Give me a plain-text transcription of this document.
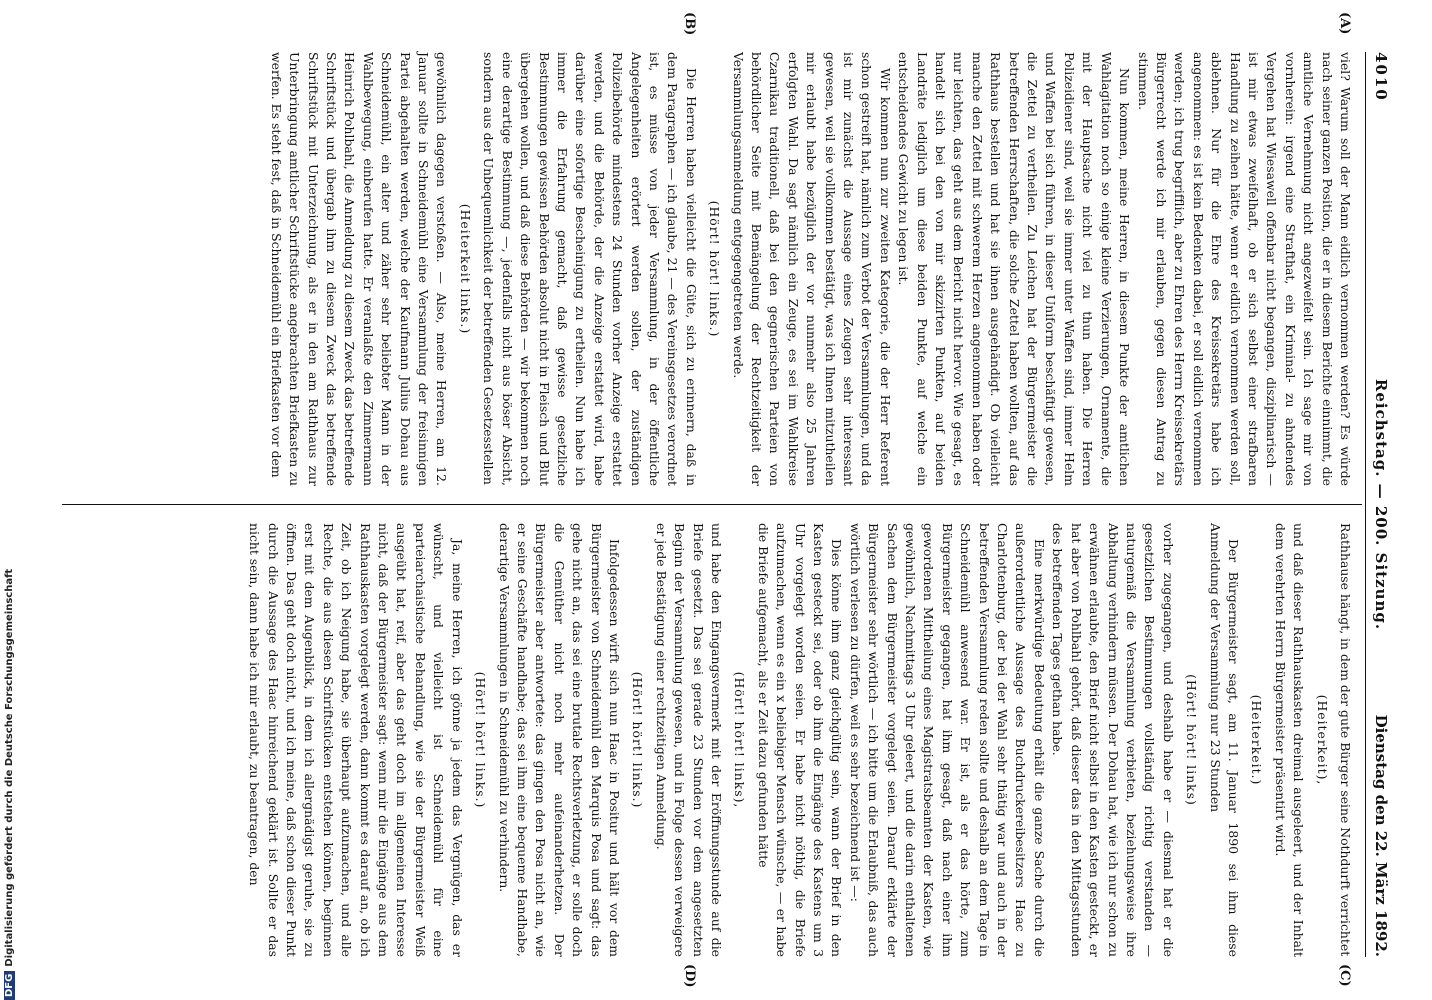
4010
Reichstag. — 200. Sitzung.
Dienstag den 22. März 1892.
(A)
(B)
(C)
(D)

viel? Warum soll der Mann eidlich vernommen werden? Es würde nach seiner ganzen Position, die er in diesem Berichte einnimmt, die amtliche Vernehmung nicht angezweifelt sein. Ich sage mir von vornherein: irgend eine Strafthat, ein Kriminal- zu ahndendes Vergehen hat Wiesawell offenbar nicht begangen, disziplinarisch — ist mir etwas zweifelhaft, ob er sich selbst einer strafbaren Handlung zu zeihen hätte, wenn er eidlich vernommen werden soll, ablehnen. Nur für die Ehre des Kreissekretärs habe ich angenommen: es ist kein Bedenken dabei, er soll eidlich vernommen werden; ich trug begrifflich, aber zu Ehren des Herrn Kreissekretärs Bürgerrecht werde ich mir erlauben, gegen diesen Antrag zu stimmen.

Nun kommen, meine Herren, in diesem Punkte der amtlichen Wahlagitation noch so einige kleine Verzierungen, Ornamente, die mit der Hauptsache nicht viel zu thun haben. Die Herren Polizeidiener sind, weil sie immer unter Waffen sind, immer Helm und Waffen bei sich führen, in dieser Uniform beschäftigt gewesen, die Zettel zu vertheilen. Zu Leichen hat der Bürgermeister die betreffenden Herrschaften, die solche Zettel haben wollten, auf das Rathhaus bestellen und hat sie ihnen ausgehändigt. Ob vielleicht manche den Zettel mit schwerem Herzen angenommen haben oder nur leichten, das geht aus dem Bericht nicht hervor. Wie gesagt, es handelt sich bei den von mir skizzirten Punkten, auf beiden Landräte lediglich um diese beiden Punkte, auf welche ein entscheidendes Gewicht zu legen ist.

Wir kommen nun zur zweiten Kategorie, die der Herr Referent schon gestreift hat, nämlich zum Verbot der Versammlungen, und da ist mir zunächst die Aussage eines Zeugen sehr interessant gewesen, weil sie vollkommen bestätigt, was ich Ihnen mitzutheilen mir erlaubt habe bezüglich der vor nunmehr also 25 Jahren erfolgten Wahl. Da sagt nämlich ein Zeuge, es sei im Wahlkreise Czarnikau traditionell, daß bei den gegnerischen Parteien von behördlicher Seite mit Bemängelung der Rechtzeitigkeit der Versammlungsanmeldung entgegengetreten werde.

(Hört! hört! links.)

Die Herren haben vielleicht die Güte, sich zu erinnern, daß in dem Paragraphen — ich glaube, 21 — des Vereinsgesetzes verordnet ist, es müsse von jeder Versammlung, in der öffentliche Angelegenheiten erörtert werden sollen, der zuständigen Polizeibehörde mindestens 24 Stunden vorher Anzeige erstattet werden, und die Behörde, der die Anzeige erstattet wird, habe darüber eine sofortige Bescheinigung zu ertheilen. Nun habe ich immer die Erfahrung gemacht, daß gewisse gesetzliche Bestimmungen gewissen Behörden absolut nicht in Fleisch und Blut übergehen wollen, und daß diese Behörden — wir bekommen noch eine derartige Bestimmung —, jedenfalls nicht aus böser Absicht, sondern aus der Unbequemlichkeit der betreffenden Gesetzesstellen

(Heiterkeit links.)

gewöhnlich dagegen verstoßen. — Also, meine Herren, am 12. Januar sollte in Schneidemühl eine Versammlung der freisinnigen Partei abgehalten werden, welche der Kaufmann Julius Dohau aus Schneidemühl, ein alter und zäher sehr beliebter Mann in der Wahlbewegung, einberufen hatte. Er veranlaßte den Zimmermann Heinrich Pohlbahl, die Anmeldung zu diesem Zweck das betreffende Schriftstück und übergab ihm zu diesem Zweck das betreffende Schriftstück mit Unterzeichnung, als er in den am Rathhaus zur Unterbringung amtlicher Schriftstücke angebrachten Briefkasten zu werfen. Es steht fest, daß in Schneidemühl ein Briefkasten vor dem

Rathhause hängt, in dem der gute Bürger seine Nothdurft verrichtet

(Heiterkeit),

und daß dieser Rathhauskasten dreimal ausgeleert, und der Inhalt dem verehrten Herrn Bürgermeister präsentirt wird.

(Heiterkeit.)

Der Bürgermeister sagt, am 11. Januar 1890 sei ihm diese Anmeldung der Versammlung nur 23 Stunden

(Hört! hört! links)

vorher zugegangen, und deshalb habe er — diesmal hat er die gesetzlichen Bestimmungen vollständig richtig verstanden — naturgemäß die Versammlung verbieten, beziehungsweise ihre Abhaltung verhindern müssen. Der Dohau hat, wie ich nur schon zu erwähnen erlaubte, den Brief nicht selbst in den Kasten gesteckt, er hat aber von Pohlbahl gehört, daß dieser das in den Mittagsstunden des betreffenden Tages gethan habe.

Eine merkwürdige Bedeutung erhält die ganze Sache durch die außerordentliche Aussage des Buchdruckereibesitzers Haac zu Charlottenburg, der bei der Wahl sehr thätig war und auch in der betreffenden Versammlung reden sollte und deshalb an dem Tage in Schneidemühl anwesend war. Er ist, als er das hörte, zum Bürgermeister gegangen, hat ihm gesagt, daß nach einer ihm gewordenen Mittheilung eines Magistratsbeamten der Kasten, wie gewöhnlich, Nachmittags 3 Uhr geleert, und die darin enthaltenen Sachen dem Bürgermeister vorgelegt seien. Darauf erklärte der Bürgermeister sehr wörtlich — ich bitte um die Erlaubniß, das auch wörtlich verlesen zu dürfen, weil es sehr bezeichnend ist —:

Dies könne ihm ganz gleichgültig sein, wann der Brief in den Kasten gesteckt sei, oder ob ihm die Eingänge des Kastens um 3 Uhr vorgelegt worden seien. Er habe nicht nöthig, die Briefe aufzumachen, wenn es ein x beliebiger Mensch wünsche, — er habe die Briefe aufgemacht, als er Zeit dazu gefunden hätte

(Hört! hört! links),

und habe den Eingangsvermerk mit der Eröffnungsstunde auf die Briefe gesetzt. Das sei gerade 23 Stunden vor dem angesetzten Beginn der Versammlung gewesen, und in Folge dessen verweigere er jede Bestätigung einer rechtzeitigen Anmeldung.

(Hört! hört! links.)

Infolgedessen wirft sich nun Haac in Positur und hält vor dem Bürgermeister von Schneidemühl den Marquis Posa und sagt: das gehe nicht an, das sei eine brutale Rechtsverletzung, er solle doch die Gemüther nicht noch mehr aufeinanderhetzen. Der Bürgermeister aber antwortete: das gingen den Posa nicht an, wie er seine Geschäfte handhabe; das sei ihm eine bequeme Handhabe, derartige Versammlungen in Schneidemühl zu verhindern.

(Hört! hört! links.)

Ja, meine Herren, ich gönne ja jedem das Vergnügen, das er wünscht, und vielleicht ist Schneidemühl für eine parteiarchaistische Behandlung, wie sie der Bürgermeister Weiß ausgeübt hat, reif, aber das geht doch im allgemeinen Interesse nicht, daß der Bürgermeister sagt: wenn mir die Eingänge aus dem Rathhauskasten vorgelegt werden, dann kommt es darauf an, ob ich Zeit, ob ich Neigung habe, sie überhaupt aufzumachen, und alle Rechte, die aus diesen Schriftstücken entstehen können, beginnen erst mit dem Augenblick, in dem ich allergnädigst geruhe, sie zu öffnen. Das geht doch nicht, und ich meine, daß schon dieser Punkt durch die Aussage des Haac hinreichend geklärt ist. Sollte er das nicht sein, dann habe ich mir erlaubt, zu beantragen, den

DFGDigitalisierung gefördert durch die Deutsche Forschungsgemeinschaft
